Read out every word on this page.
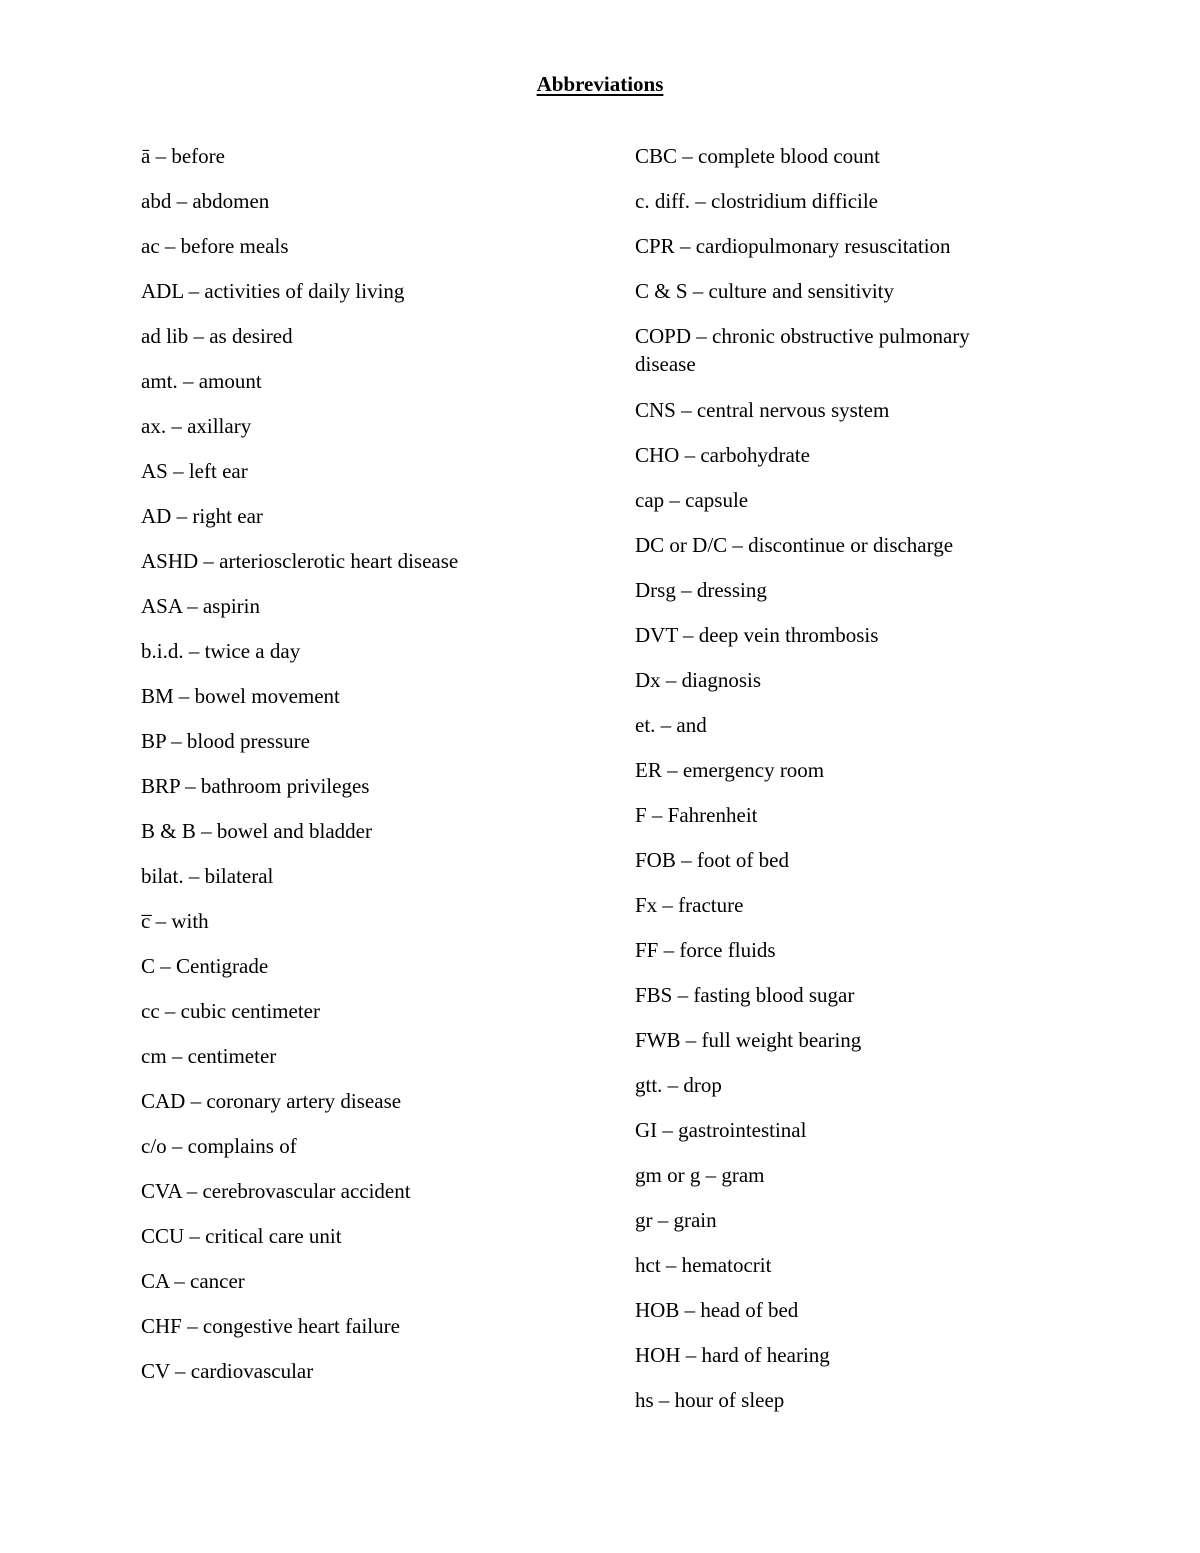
Abbreviations
ā – before
abd – abdomen
ac – before meals
ADL – activities of daily living
ad lib – as desired
amt. – amount
ax. – axillary
AS – left ear
AD – right ear
ASHD – arteriosclerotic heart disease
ASA – aspirin
b.i.d. – twice a day
BM – bowel movement
BP – blood pressure
BRP – bathroom privileges
B & B – bowel and bladder
bilat. – bilateral
c̅ – with
C – Centigrade
cc – cubic centimeter
cm – centimeter
CAD – coronary artery disease
c/o – complains of
CVA – cerebrovascular accident
CCU – critical care unit
CA – cancer
CHF – congestive heart failure
CV – cardiovascular
CBC – complete blood count
c. diff. – clostridium difficile
CPR – cardiopulmonary resuscitation
C & S – culture and sensitivity
COPD – chronic obstructive pulmonary disease
CNS – central nervous system
CHO – carbohydrate
cap – capsule
DC or D/C – discontinue or discharge
Drsg – dressing
DVT – deep vein thrombosis
Dx – diagnosis
et. – and
ER – emergency room
F – Fahrenheit
FOB – foot of bed
Fx – fracture
FF – force fluids
FBS – fasting blood sugar
FWB – full weight bearing
gtt. – drop
GI – gastrointestinal
gm or g – gram
gr – grain
hct – hematocrit
HOB – head of bed
HOH – hard of hearing
hs – hour of sleep
